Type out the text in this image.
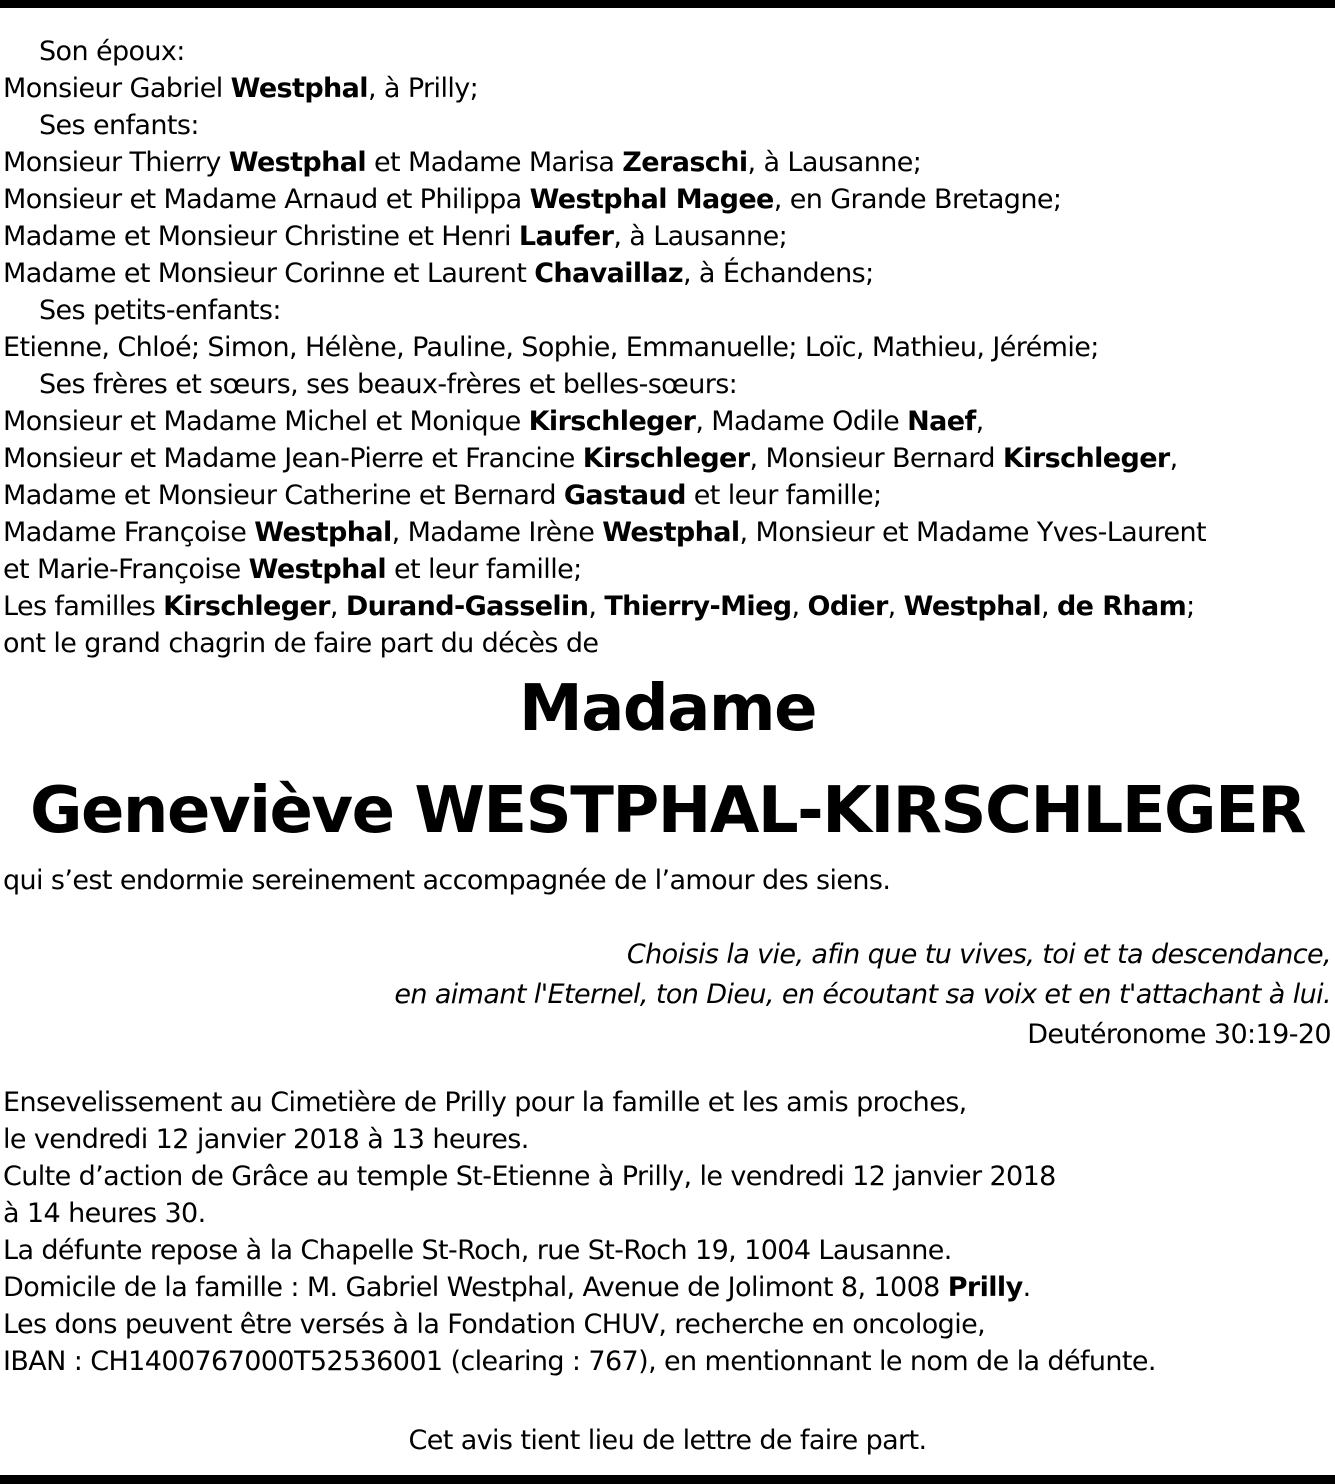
Son époux:
Monsieur Gabriel Westphal, à Prilly;
Ses enfants:
Monsieur Thierry Westphal et Madame Marisa Zeraschi, à Lausanne;
Monsieur et Madame Arnaud et Philippa Westphal Magee, en Grande Bretagne;
Madame et Monsieur Christine et Henri Laufer, à Lausanne;
Madame et Monsieur Corinne et Laurent Chavaillaz, à Échandens;
Ses petits-enfants:
Etienne, Chloé; Simon, Hélène, Pauline, Sophie, Emmanuelle; Loïc, Mathieu, Jérémie;
Ses frères et sœurs, ses beaux-frères et belles-sœurs:
Monsieur et Madame Michel et Monique Kirschleger, Madame Odile Naef,
Monsieur et Madame Jean-Pierre et Francine Kirschleger, Monsieur Bernard Kirschleger,
Madame et Monsieur Catherine et Bernard Gastaud et leur famille;
Madame Françoise Westphal, Madame Irène Westphal, Monsieur et Madame Yves-Laurent
et Marie-Françoise Westphal et leur famille;
Les familles Kirschleger, Durand-Gasselin, Thierry-Mieg, Odier, Westphal, de Rham;
ont le grand chagrin de faire part du décès de
Madame
Geneviève WESTPHAL-KIRSCHLEGER
qui s’est endormie sereinement accompagnée de l’amour des siens.
Choisis la vie, afin que tu vives, toi et ta descendance,
en aimant l'Eternel, ton Dieu, en écoutant sa voix et en t'attachant à lui.
Deutéronome 30:19-20
Ensevelissement au Cimetière de Prilly pour la famille et les amis proches,
le vendredi 12 janvier 2018 à 13 heures.
Culte d’action de Grâce au temple St-Etienne à Prilly, le vendredi 12 janvier 2018
à 14 heures 30.
La défunte repose à la Chapelle St-Roch, rue St-Roch 19, 1004 Lausanne.
Domicile de la famille : M. Gabriel Westphal, Avenue de Jolimont 8, 1008 Prilly.
Les dons peuvent être versés à la Fondation CHUV, recherche en oncologie,
IBAN : CH1400767000T52536001 (clearing : 767), en mentionnant le nom de la défunte.
Cet avis tient lieu de lettre de faire part.
